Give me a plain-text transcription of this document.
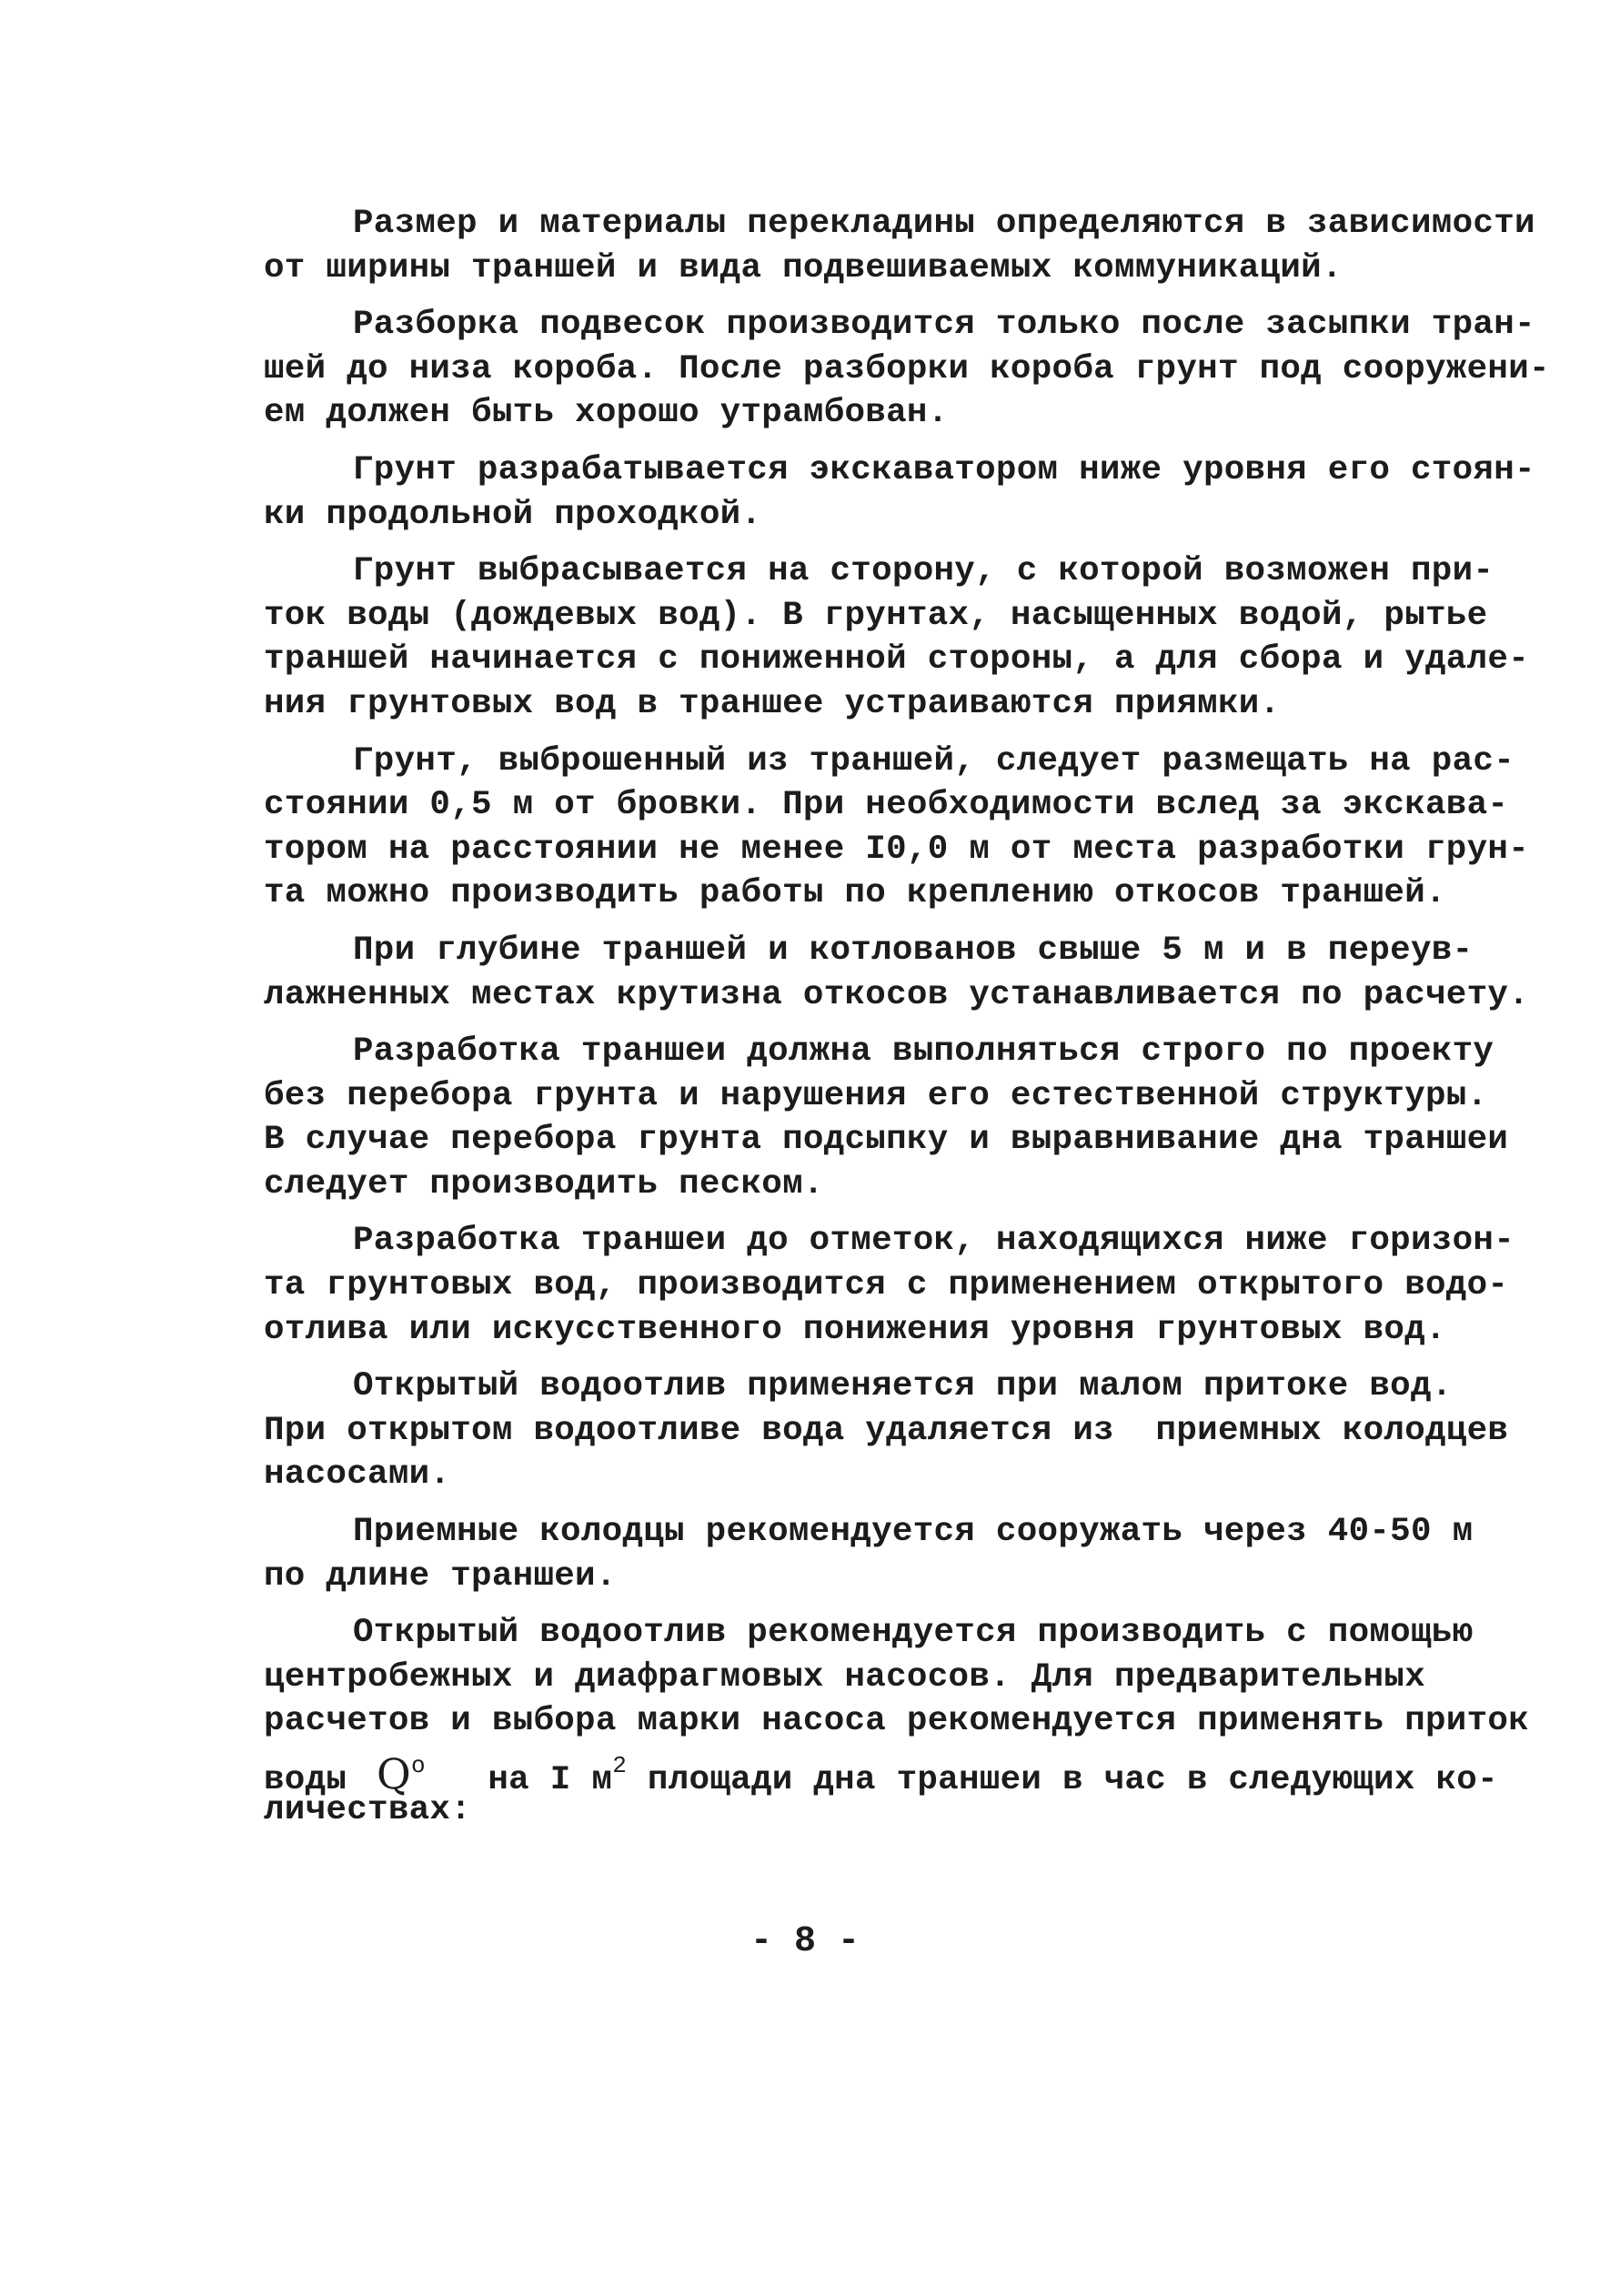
Размер и материалы перекладины определяются в зависимости
от ширины траншей и вида подвешиваемых коммуникаций.
Разборка подвесок производится только после засыпки тран-
шей до низа короба. После разборки короба грунт под сооружени-
ем должен быть хорошо утрамбован.
Грунт разрабатывается экскаватором ниже уровня его стоян-
ки продольной проходкой.
Грунт выбрасывается на сторону, с которой возможен при-
ток воды (дождевых вод). В грунтах, насыщенных водой, рытье
траншей начинается с пониженной стороны, а для сбора и удале-
ния грунтовых вод в траншее устраиваются приямки.
Грунт, выброшенный из траншей, следует размещать на рас-
стоянии 0,5 м от бровки. При необходимости вслед за экскава-
тором на расстоянии не менее I0,0 м от места разработки грун-
та можно производить работы по креплению откосов траншей.
При глубине траншей и котлованов свыше 5 м и в переув-
лажненных местах крутизна откосов устанавливается по расчету.
Разработка траншеи должна выполняться строго по проекту
без перебора грунта и нарушения его естественной структуры.
В случае перебора грунта подсыпку и выравнивание дна траншеи
следует производить песком.
Разработка траншеи до отметок, находящихся ниже горизон-
та грунтовых вод, производится с применением открытого водо-
отлива или искусственного понижения уровня грунтовых вод.
Открытый водоотлив применяется при малом притоке вод.
При открытом водоотливе вода удаляется из  приемных колодцев
насосами.
Приемные колодцы рекомендуется сооружать через 40-50 м
по длине траншеи.
Открытый водоотлив рекомендуется производить с помощью
центробежных и диафрагмовых насосов. Для предварительных
расчетов и выбора марки насоса рекомендуется применять приток
воды $Q^o$ на I $м^2$ площади дна траншеи в час в следующих ко-
личествах:
- 8 -
